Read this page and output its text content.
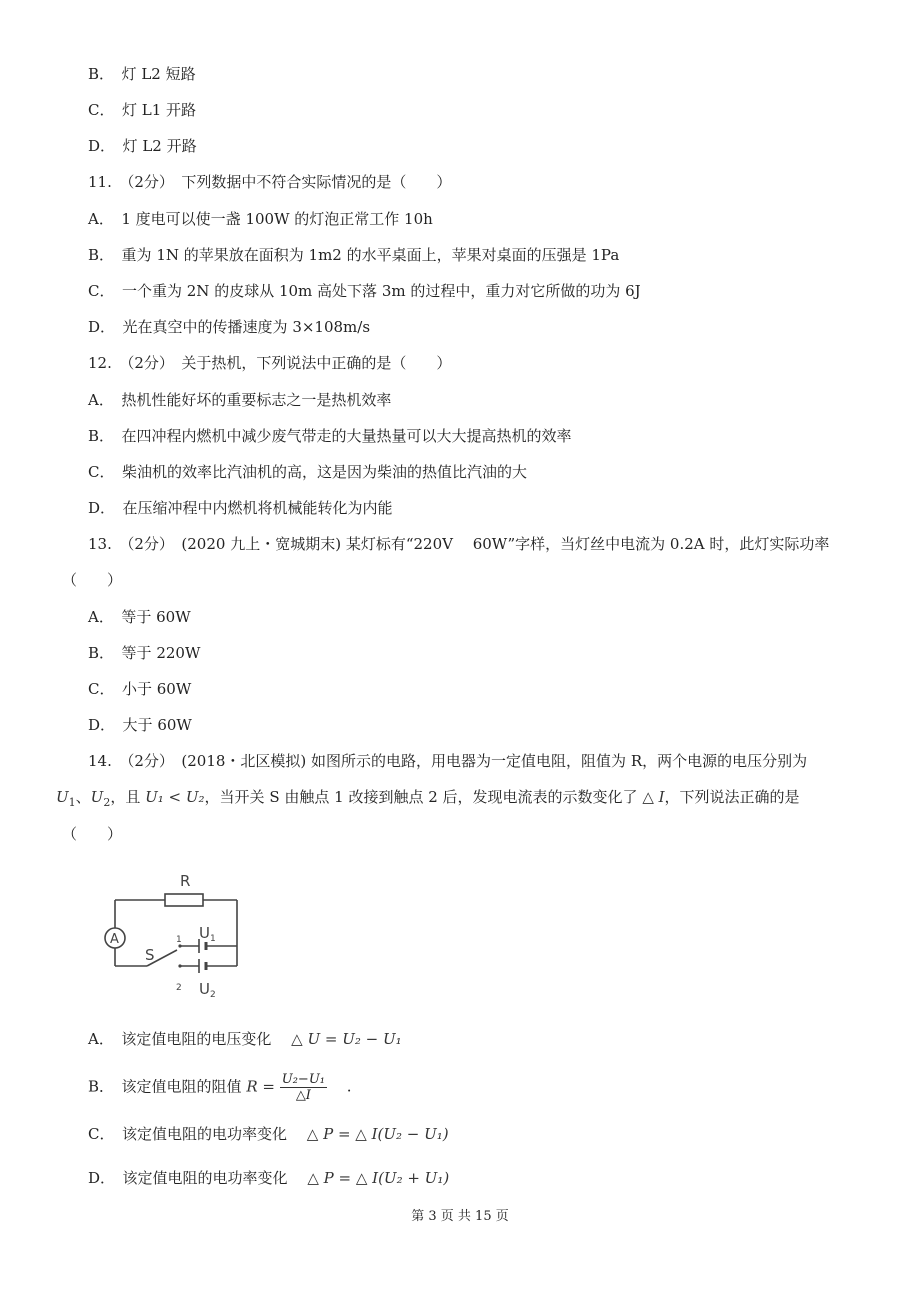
B．　 灯 L2 短路
C．　 灯 L1 开路
D．　 灯 L2 开路
11.　（2分）　下列数据中不符合实际情况的是（　　）
A．　 1 度电可以使一盏 100W 的灯泡正常工作 10h
B．　 重为 1N 的苹果放在面积为 1m2 的水平桌面上，苹果对桌面的压强是 1Pa
C．　 一个重为 2N 的皮球从 10m 高处下落 3m 的过程中，重力对它所做的功为 6J
D．　 光在真空中的传播速度为 3×108m/s
12.　（2分）　关于热机，下列说法中正确的是（　　）
A．　 热机性能好坏的重要标志之一是热机效率
B．　 在四冲程内燃机中减少废气带走的大量热量可以大大提高热机的效率
C．　 柴油机的效率比汽油机的高，这是因为柴油的热值比汽油的大
D．　 在压缩冲程中内燃机将机械能转化为内能
13.　（2分）　(2020 九上・宽城期末) 某灯标有“220V　 60W”字样，当灯丝中电流为 0.2A 时，此灯实际功率
（　　）
A．　 等于 60W
B．　 等于 220W
C．　 小于 60W
D．　 大于 60W
14.　（2分）　(2018・北区模拟) 如图所示的电路，用电器为一定值电阻，阻值为 R，两个电源的电压分别为
$U_1$、$U_2$，且 U₁ < U₂，当开关 S 由触点 1 改接到触点 2 后，发现电流表的示数变化了 △ I，下列说法正确的是
（　　）
R
A
S
1
2
$U_1$
$U_2$
A．　 该定值电阻的电压变化　 △ U = U₂ − U₁
B．　 该定值电阻的阻值 $R = \frac{\text{U₂−U₁}}{\triangle I}$
　 .
C．　 该定值电阻的电功率变化　 △ P = △ I(U₂ − U₁)
D．　 该定值电阻的电功率变化　 △ P = △ I(U₂ + U₁)
第 3 页 共 15 页
